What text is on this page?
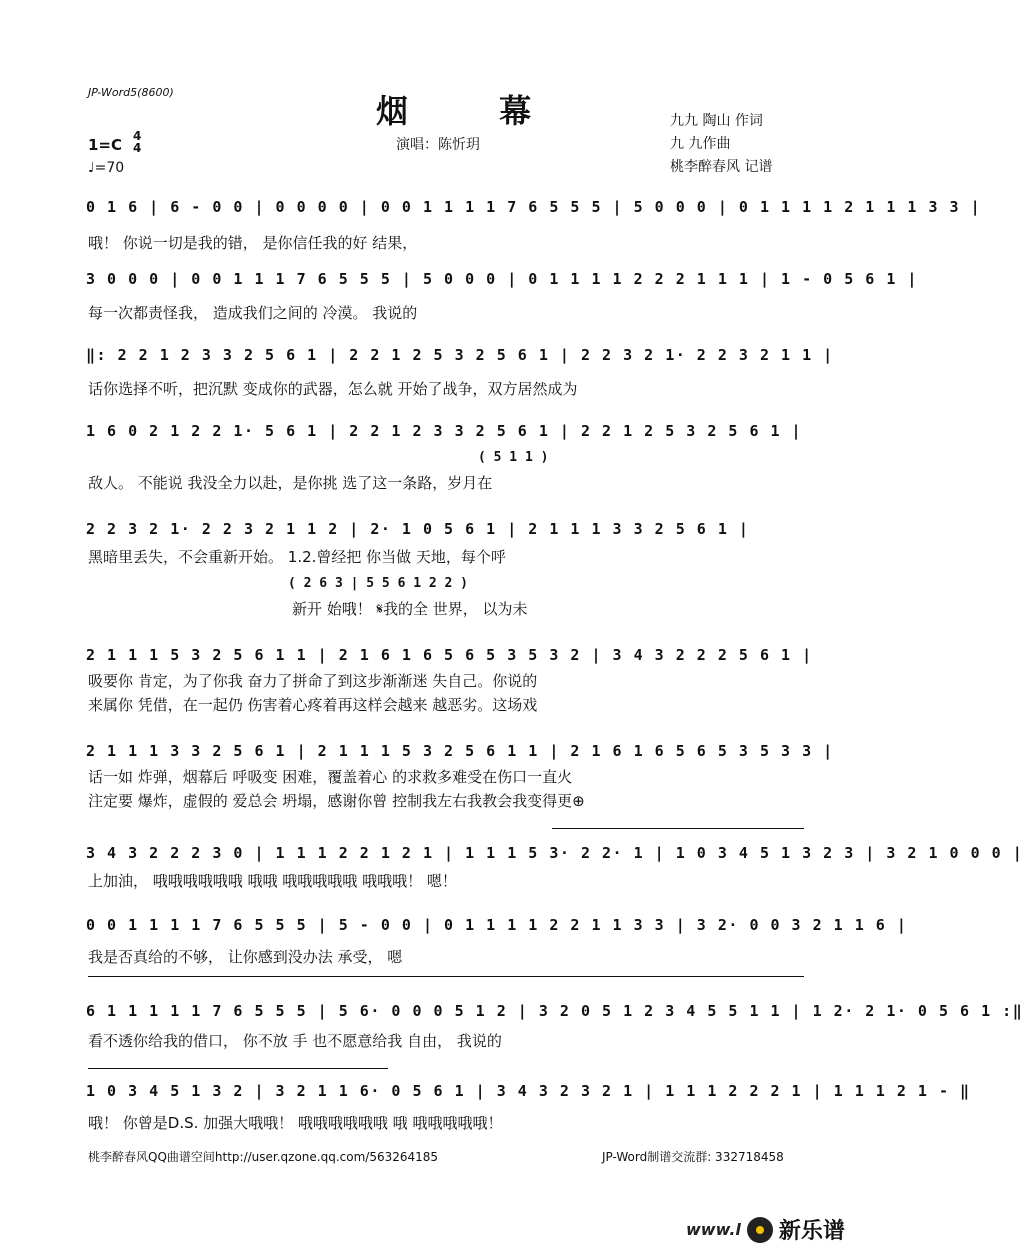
JP-Word5(8600)	烟 幕
演唱：陈忻玥
九九 陶山 作词
九 九作曲
桃李醉春风 记谱
1=C 4
4
♩=70
0 1 6 | 6 - 0 0 | 0 0 0 0 | 0 0 1 1 1 1 7 6 5 5 5 | 5 0 0 0 | 0 1 1 1 1 2 1 1 1 3 3 |
哦！ 你说一切是我的错， 是你信任我的好 结果，
3 0 0 0 | 0 0 1 1 1 7 6 5 5 5 | 5 0 0 0 | 0 1 1 1 1 2 2 2 1 1 1 | 1 - 0 5 6 1 |
每一次都责怪我， 造成我们之间的 冷漠。 我说的
‖: 2 2 1 2 3 3 2 5 6 1 | 2 2 1 2 5 3 2 5 6 1 | 2 2 3 2 1· 2 2 3 2 1 1 |
话你选择不听，把沉默 变成你的武器，怎么就 开始了战争，双方居然成为
1 6 0 2 1 2 2 1· 5 6 1 | 2 2 1 2 3 3 2 5 6 1 | 2 2 1 2 5 3 2 5 6 1 |
( 5 1 1 )
敌人。 不能说 我没全力以赴，是你挑 选了这一条路，岁月在
2 2 3 2 1· 2 2 3 2 1 1 2 | 2· 1 0 5 6 1 | 2 1 1 1 3 3 2 5 6 1 |
黑暗里丢失，不会重新开始。 1.2.曾经把 你当做 天地，每个呼
( 2 6 3 | 5 5 6 1 2 2 )
新开 始哦！ 𝄋我的全 世界， 以为未
2 1 1 1 5 3 2 5 6 1 1 | 2 1 6 1 6 5 6 5 3 5 3 2 | 3 4 3 2 2 2 5 6 1 |
吸要你 肯定，为了你我 奋力了拼命了到这步渐渐迷 失自己。你说的
来属你 凭借，在一起仍 伤害着心疼着再这样会越来 越恶劣。这场戏
2 1 1 1 3 3 2 5 6 1 | 2 1 1 1 5 3 2 5 6 1 1 | 2 1 6 1 6 5 6 5 3 5 3 3 |
话一如 炸弹，烟幕后 呼吸变 困难，覆盖着心 的求救多难受在伤口一直火
注定要 爆炸，虚假的 爱总会 坍塌，感谢你曾 控制我左右我教会我变得更⊕
3 4 3 2 2 2 3 0 | 1 1 1 2 2 1 2 1 | 1 1 1 5 3· 2 2· 1 | 1 0 3 4 5 1 3 2 3 | 3 2 1 0 0 0 |
上加油， 哦哦哦哦哦哦 哦哦 哦哦哦哦哦 哦哦哦！ 嗯！
0 0 1 1 1 1 7 6 5 5 5 | 5 - 0 0 | 0 1 1 1 1 2 2 1 1 3 3 | 3 2· 0 0 3 2 1 1 6 |
我是否真给的不够， 让你感到没办法 承受， 嗯
6 1 1 1 1 1 7 6 5 5 5 | 5 6· 0 0 0 5 1 2 | 3 2 0 5 1 2 3 4 5 5 1 1 | 1 2· 2 1· 0 5 6 1 :‖
看不透你给我的借口， 你不放 手 也不愿意给我 自由， 我说的
1 0 3 4 5 1 3 2 | 3 2 1 1 6· 0 5 6 1 | 3 4 3 2 3 2 1 | 1 1 1 2 2 2 1 | 1 1 1 2 1 - ‖
哦！ 你曾是D.S. 加强大哦哦！ 哦哦哦哦哦哦 哦 哦哦哦哦哦！
桃李醉春风QQ曲谱空间http://user.qzone.qq.com/563264185	JP-Word制谱交流群: 332718458
www.l 新乐谱
